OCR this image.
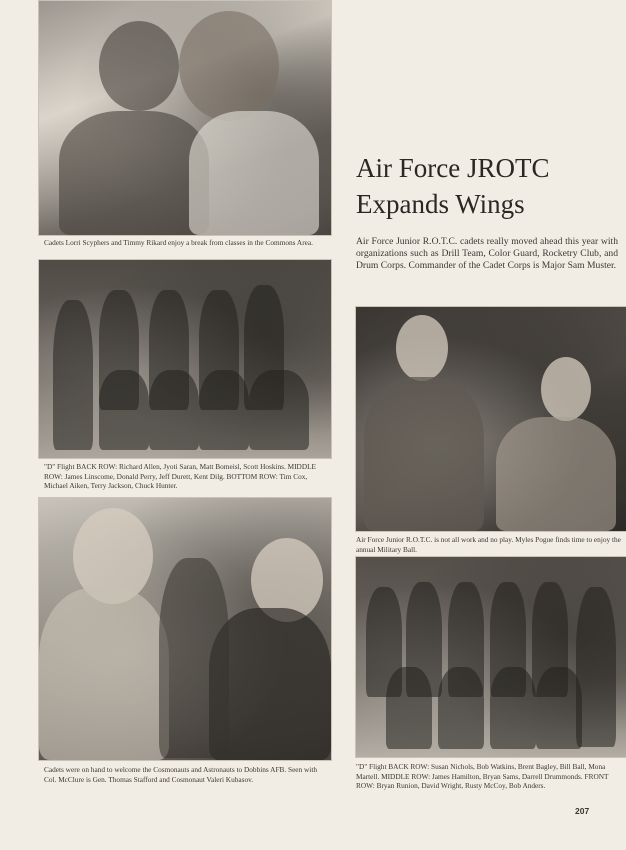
Cadets Lorri Scyphers and Timmy Rikard enjoy a break from classes in the Commons Area.

"D" Flight BACK ROW: Richard Allen, Jyoti Saran, Matt Bomeisl, Scott Hoskins. MIDDLE ROW: James Linscome, Donald Perry, Jeff Durett, Kent Dilg. BOTTOM ROW: Tim Cox, Michael Aiken, Terry Jackson, Chuck Hunter.

Cadets were on hand to welcome the Cosmonauts and Astronauts to Dobbins AFB. Seen with Col. McClure is Gen. Thomas Stafford and Cosmonaut Valeri Kubasov.

Air Force JROTC
Expands Wings

Air Force Junior R.O.T.C. cadets really moved ahead this year with organizations such as Drill Team, Color Guard, Rocketry Club, and Drum Corps. Commander of the Cadet Corps is Major Sam Muster.

Air Force Junior R.O.T.C. is not all work and no play. Myles Pogue finds time to enjoy the annual Military Ball.

"D" Flight BACK ROW: Susan Nichols, Bob Watkins, Brent Bagley, Bill Ball, Mona Martell. MIDDLE ROW: James Hamilton, Bryan Sams, Darrell Drummonds. FRONT ROW: Bryan Runion, David Wright, Rusty McCoy, Bob Anders.

207
